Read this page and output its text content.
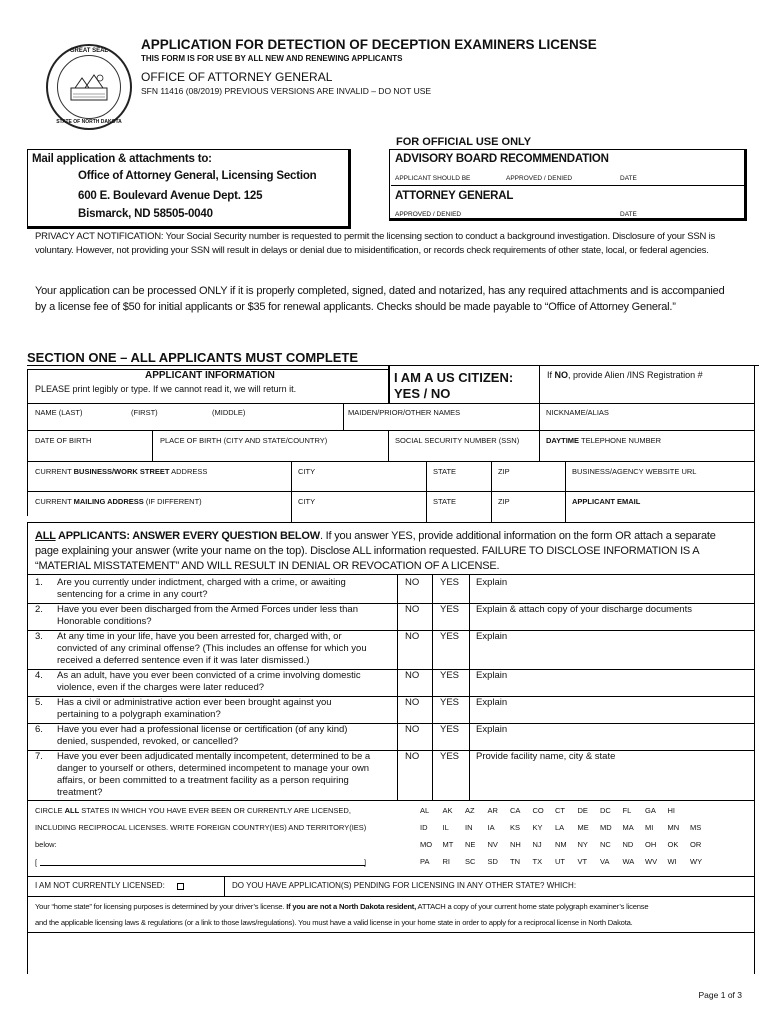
GREAT SEAL
STATE OF NORTH DAKOTA
APPLICATION FOR DETECTION OF DECEPTION EXAMINERS LICENSE
THIS FORM IS FOR USE BY ALL NEW AND RENEWING APPLICANTS
OFFICE OF ATTORNEY GENERAL
SFN 11416 (08/2019) PREVIOUS VERSIONS ARE INVALID – DO NOT USE
FOR OFFICIAL USE ONLY
Mail application & attachments to:
Office of Attorney General, Licensing Section
600 E. Boulevard Avenue Dept. 125
Bismarck, ND 58505-0040
ADVISORY BOARD RECOMMENDATION
APPLICANT SHOULD BE	APPROVED / DENIED	DATE
ATTORNEY GENERAL
APPROVED / DENIED	DATE
PRIVACY ACT NOTIFICATION: Your Social Security number is requested to permit the licensing section to conduct a background investigation. Disclosure of your SSN is voluntary. However, not providing your SSN will result in delays or denial due to misidentification, or records check requirements of other state, local, or federal agencies.
Your application can be processed ONLY if it is properly completed, signed, dated and notarized, has any required attachments and is accompanied by a license fee of $50 for initial applicants or $35 for renewal applicants. Checks should be made payable to “Office of Attorney General.”
SECTION ONE – ALL APPLICANTS MUST COMPLETE
APPLICANT INFORMATION
PLEASE print legibly or type. If we cannot read it, we will return it.
I AM A US CITIZEN:
YES / NO
If NO, provide Alien /INS Registration #
NAME (LAST)	(FIRST)	(MIDDLE)	MAIDEN/PRIOR/OTHER NAMES	NICKNAME/ALIAS
DATE OF BIRTH	PLACE OF BIRTH (CITY AND STATE/COUNTRY)	SOCIAL SECURITY NUMBER (SSN)	DAYTIME TELEPHONE NUMBER
CURRENT BUSINESS/WORK STREET ADDRESS	CITY	STATE	ZIP	BUSINESS/AGENCY WEBSITE URL
CURRENT MAILING ADDRESS (IF DIFFERENT)	CITY	STATE	ZIP	APPLICANT EMAIL
ALL APPLICANTS: ANSWER EVERY QUESTION BELOW. If you answer YES, provide additional information on the form OR attach a separate
page explaining your answer (write your name on the top). Disclose ALL information requested. FAILURE TO DISCLOSE INFORMATION IS A
“MATERIAL MISSTATEMENT” AND WILL RESULT IN DENIAL OR REVOCATION OF A LICENSE.
1. Are you currently under indictment, charged with a crime, or awaiting
sentencing for a crime in any court?
NO YES Explain
2. Have you ever been discharged from the Armed Forces under less than
Honorable conditions?
NO YES Explain & attach copy of your discharge documents
3. At any time in your life, have you been arrested for, charged with, or
convicted of any criminal offense? (This includes an offense for which you
received a deferred sentence even if it was later dismissed.)
NO YES Explain
4. As an adult, have you ever been convicted of a crime involving domestic
violence, even if the charges were later reduced?
NO YES Explain
5. Has a civil or administrative action ever been brought against you
pertaining to a polygraph examination?
NO YES Explain
6. Have you ever had a professional license or certification (of any kind)
denied, suspended, revoked, or cancelled?
NO YES Explain
7. Have you ever been adjudicated mentally incompetent, determined to be a
danger to yourself or others, determined incompetent to manage your own
affairs, or been committed to a treatment facility as a person requiring
treatment?
NO YES Provide facility name, city & state
CIRCLE ALL STATES IN WHICH YOU HAVE EVER BEEN OR CURRENTLY ARE LICENSED,
INCLUDING RECIPROCAL LICENSES. WRITE FOREIGN COUNTRY(IES) AND TERRITORY(IES)
below:
[	]
AL AK AZ AR CA CO CT DE DC FL GA HI
ID IL IN IA KS KY LA ME MD MA MI MN MS
MO MT NE NV NH NJ NM NY NC ND OH OK OR
PA RI SC SD TN TX UT VT VA WA WV WI WY
I AM NOT CURRENTLY LICENSED:	DO YOU HAVE APPLICATION(S) PENDING FOR LICENSING IN ANY OTHER STATE? WHICH:
Your “home state” for licensing purposes is determined by your driver’s license. If you are not a North Dakota resident, ATTACH a copy of your current home state polygraph examiner’s license
and the applicable licensing laws & regulations (or a link to those laws/regulations). You must have a valid license in your home state in order to apply for a reciprocal license in North Dakota.
Page 1 of 3
